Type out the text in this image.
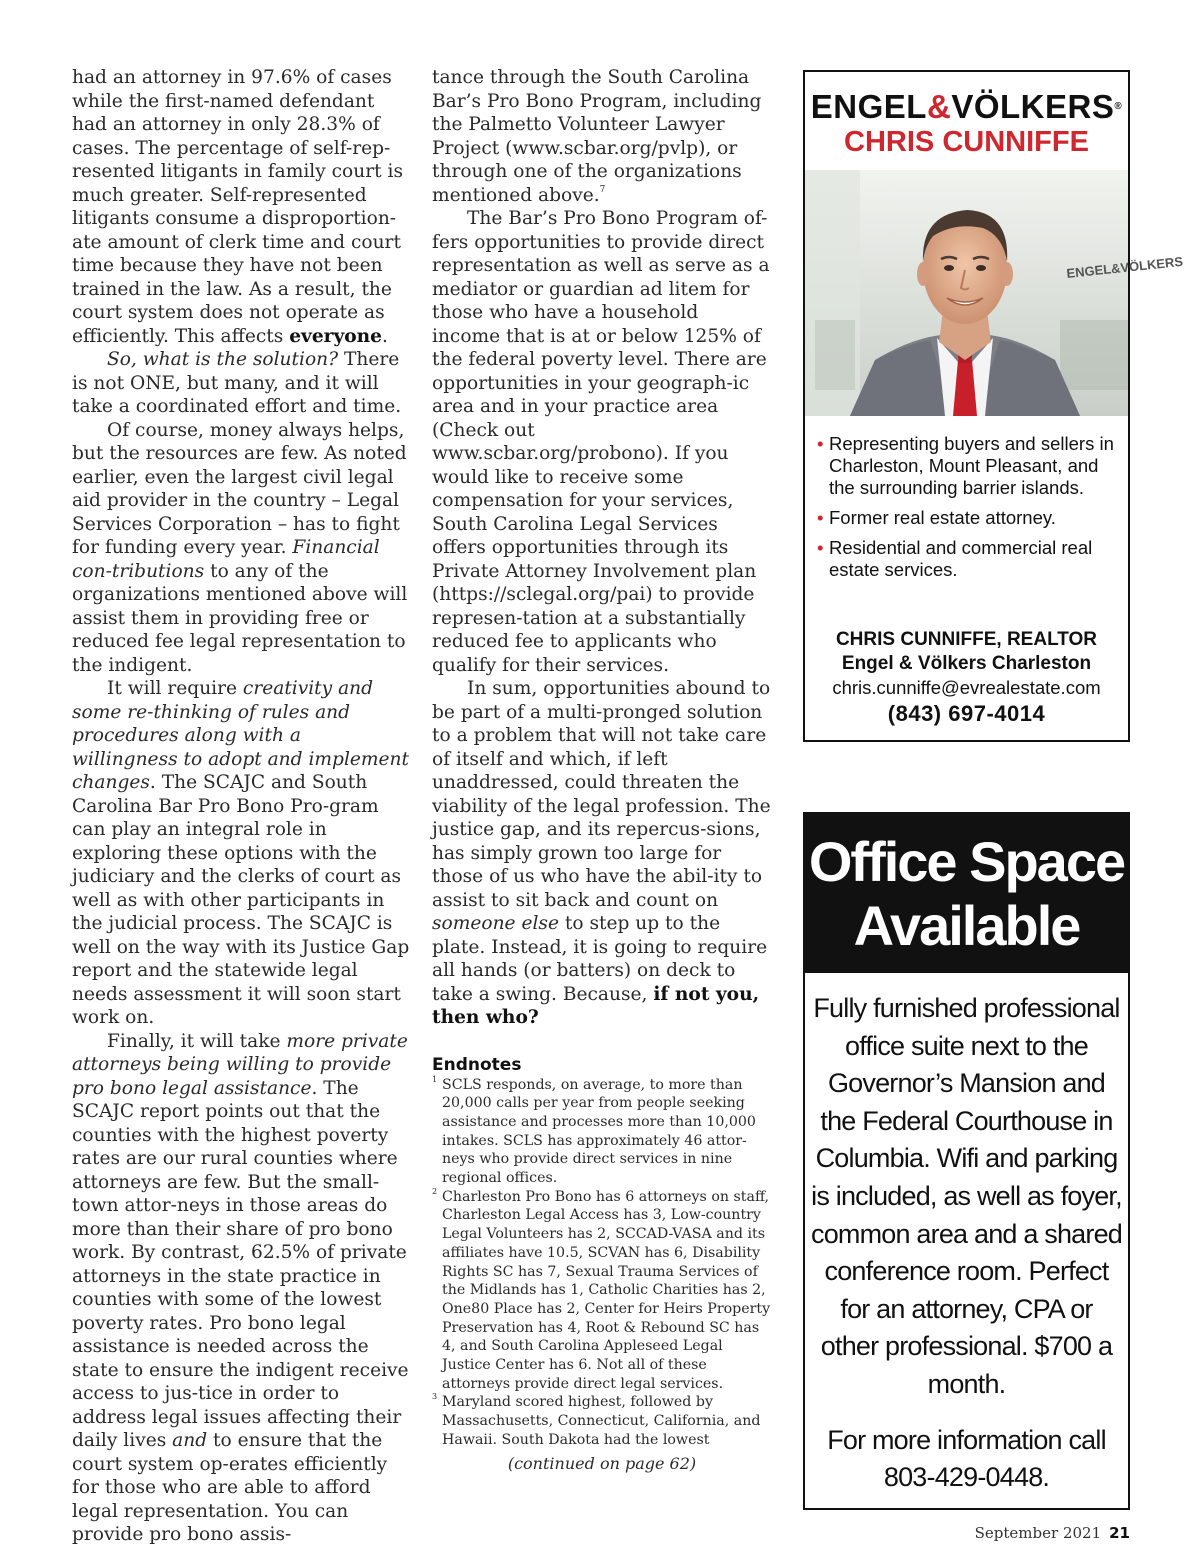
had an attorney in 97.6% of cases while the first-named defendant had an attorney in only 28.3% of cases. The percentage of self-rep-resented litigants in family court is much greater. Self-represented litigants consume a disproportion-ate amount of clerk time and court time because they have not been trained in the law. As a result, the court system does not operate as efficiently. This affects everyone.

So, what is the solution? There is not ONE, but many, and it will take a coordinated effort and time.

Of course, money always helps, but the resources are few. As noted earlier, even the largest civil legal aid provider in the country – Legal Services Corporation – has to fight for funding every year. Financial con-tributions to any of the organizations mentioned above will assist them in providing free or reduced fee legal representation to the indigent.

It will require creativity and some re-thinking of rules and procedures along with a willingness to adopt and implement changes. The SCAJC and South Carolina Bar Pro Bono Pro-gram can play an integral role in exploring these options with the judiciary and the clerks of court as well as with other participants in the judicial process. The SCAJC is well on the way with its Justice Gap report and the statewide legal needs assessment it will soon start work on.

Finally, it will take more private attorneys being willing to provide pro bono legal assistance. The SCAJC report points out that the counties with the highest poverty rates are our rural counties where attorneys are few. But the small-town attor-neys in those areas do more than their share of pro bono work. By contrast, 62.5% of private attorneys in the state practice in counties with some of the lowest poverty rates. Pro bono legal assistance is needed across the state to ensure the indigent receive access to jus-tice in order to address legal issues affecting their daily lives and to ensure that the court system op-erates efficiently for those who are able to afford legal representation. You can provide pro bono assis-

tance through the South Carolina Bar’s Pro Bono Program, including the Palmetto Volunteer Lawyer Project (www.scbar.org/pvlp), or through one of the organizations mentioned above.$^7$

The Bar’s Pro Bono Program of-fers opportunities to provide direct representation as well as serve as a mediator or guardian ad litem for those who have a household income that is at or below 125% of the federal poverty level. There are opportunities in your geograph-ic area and in your practice area (Check out www.scbar.org/probono). If you would like to receive some compensation for your services, South Carolina Legal Services offers opportunities through its Private Attorney Involvement plan (https://sclegal.org/pai) to provide represen-tation at a substantially reduced fee to applicants who qualify for their services.

In sum, opportunities abound to be part of a multi-pronged solution to a problem that will not take care of itself and which, if left unaddressed, could threaten the viability of the legal profession. The justice gap, and its repercus-sions, has simply grown too large for those of us who have the abil-ity to assist to sit back and count on someone else to step up to the plate. Instead, it is going to require all hands (or batters) on deck to take a swing. Because, if not you, then who?

Endnotes

1 SCLS responds, on average, to more than 20,000 calls per year from people seeking assistance and processes more than 10,000 intakes. SCLS has approximately 46 attor-neys who provide direct services in nine regional offices.

2 Charleston Pro Bono has 6 attorneys on staff, Charleston Legal Access has 3, Low-country Legal Volunteers has 2, SCCAD-VASA and its affiliates have 10.5, SCVAN has 6, Disability Rights SC has 7, Sexual Trauma Services of the Midlands has 1, Catholic Charities has 2, One80 Place has 2, Center for Heirs Property Preservation has 4, Root & Rebound SC has 4, and South Carolina Appleseed Legal Justice Center has 6. Not all of these attorneys provide direct legal services.

3 Maryland scored highest, followed by Massachusetts, Connecticut, California, and Hawaii. South Dakota had the lowest

(continued on page 62)

ENGEL&VÖLKERS®
CHRIS CUNNIFFE
ENGEL&VÖLKERS
• Representing buyers and sellers in Charleston, Mount Pleasant, and the surrounding barrier islands.
• Former real estate attorney.
• Residential and commercial real estate services.
CHRIS CUNNIFFE, REALTOR
Engel & Völkers Charleston
chris.cunniffe@evrealestate.com
(843) 697-4014
Office Space
Available
Fully furnished professional office suite next to the Governor’s Mansion and the Federal Courthouse in Columbia. Wifi and parking is included, as well as foyer, common area and a shared conference room. Perfect for an attorney, CPA or other professional. $700 a month.
For more information call
803-429-0448.
September 2021 21
